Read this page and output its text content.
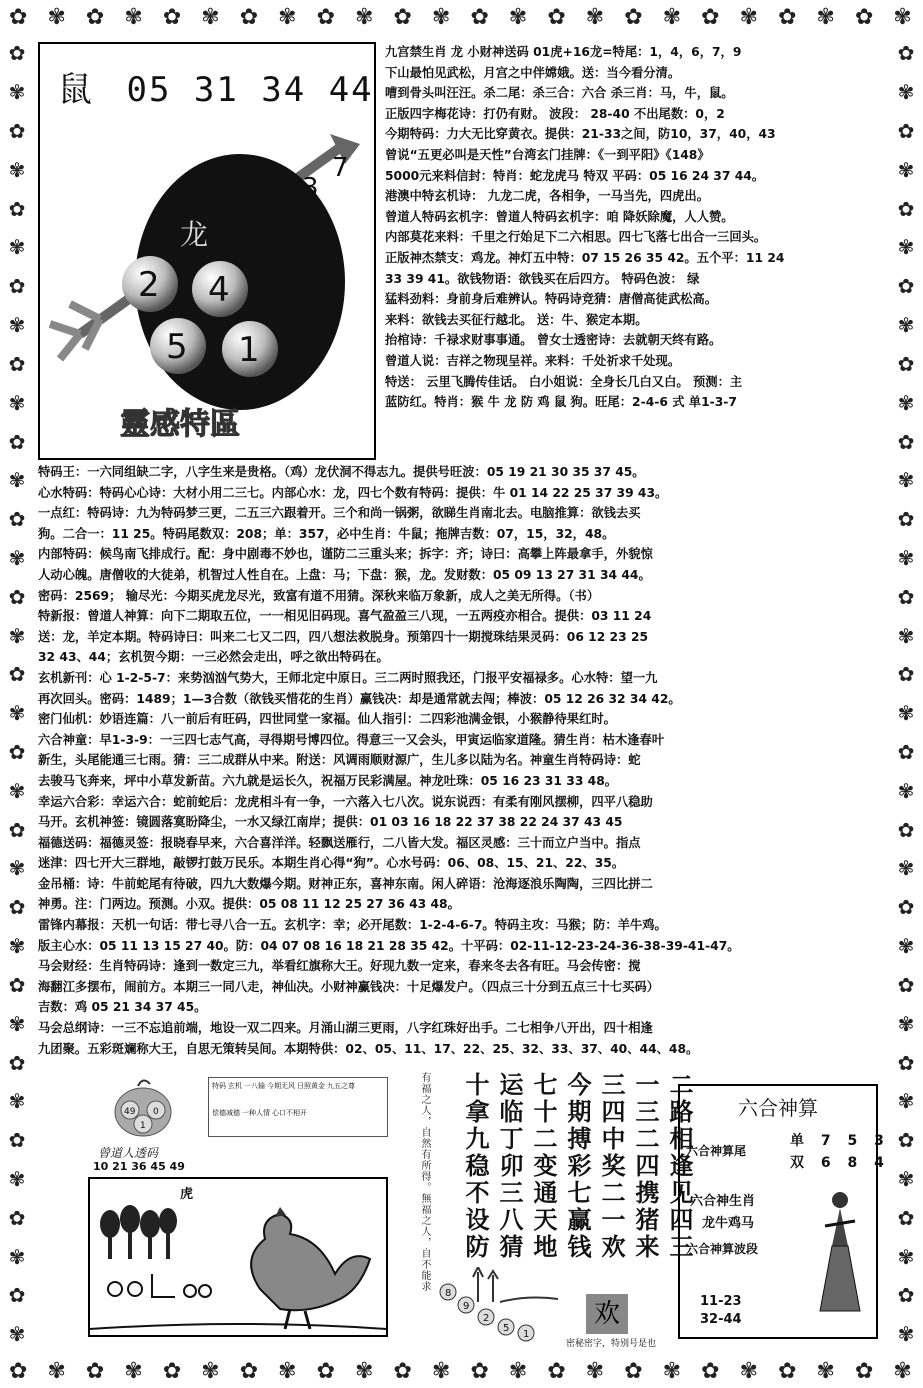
✿ ✾ ✿ ✾ ✿ ✾ ✿ ✾ ✿ ✾ ✿ ✾ ✿ ✾ ✿ ✾ ✿ ✾ ✿ ✾ ✿ ✾ ✿ ✾
✿ ✾ ✿ ✾ ✿ ✾ ✿ ✾ ✿ ✾ ✿ ✾ ✿ ✾ ✿ ✾ ✿ ✾ ✿ ✾ ✿ ✾ ✿ ✾
✿
✾
✿
✾
✿
✾
✿
✾
✿
✾
✿
✾
✿
✾
✿
✾
✿
✾
✿
✾
✿
✾
✿
✾
✿
✾
✿
✾
✿
✾
✿
✾
✿
✾
✿
✾
✿
✾
✿
✾
✿
✾
✿
✾
✿
✾
✿
✾
✿
✾
✿
✾
✿
✾
✿
✾
✿
✾
✿
✾
✿
✾
✿
✾
✿
✾
✿
✾
鼠 05 31 34 44
龙
2 4
5 1
3
7
靈感特區
九宫禁生肖 龙 小财神送码 01虎+16龙=特尾：1，4，6，7，9
下山最怕见武松，月宫之中伴嫦娥。送：当今看分清。
嘈到骨头叫汪汪。杀二尾：杀三合：六合 杀三肖：马，牛，鼠。
正版四字梅花诗：打仍有财。 波段： 28-40 不出尾数：0，2
今期特码：力大无比穿黄衣。提供：21-33之间，防10，37，40，43
曾说“五更必叫是天性”台湾玄门挂牌：《一到平阳》《148》
5000元来料信封：特肖：蛇龙虎马 特双 平码：05 16 24 37 44。
港澳中特玄机诗： 九龙二虎，各相争，一马当先，四虎出。
曾道人特码玄机字：曾道人特码玄机字：咱 降妖除魔，人人赞。
内部莫花来料：千里之行始足下二六相思。四七飞落七出合一三回头。
正版神杰禁支：鸡龙。神灯五中特：07 15 26 35 42。五个平：11 24
33 39 41。欲钱物语：欲钱买在后四方。 特码色波： 绿
猛料劲料：身前身后难辨认。特码诗竞猜：唐僧高徒武松高。
来料：欲钱去买征行越北。 送：牛、猴定本期。
抬棺诗：千禄求财事事通。 曾女士透密诗：去就朝天终有路。
曾道人说：吉祥之物现呈祥。来料：千处祈求千处现。
特送： 云里飞腾传佳话。 白小姐说：全身长几白又白。 预测：主
蓝防红。特肖：猴 牛 龙 防 鸡 鼠 狗。旺尾：2-4-6 式 单1-3-7
特码王：一六同组缺二字，八字生来是贵格。（鸡）龙伏洞不得志九。提供号旺波：05 19 21 30 35 37 45。
心水特码：特码心心诗：大材小用二三七。内部心水：龙，四七个数有特码：提供：牛 01 14 22 25 37 39 43。
一点红：特码诗：九为特码梦三更，二五三六跟着开。三个和尚一锅粥，欲睇生肖南北去。电脑推算：欲钱去买
狗。二合一：11 25。特码尾数双：208；单：357，必中生肖：牛鼠；拖牌吉数：07，15，32，48。
内部特码：候鸟南飞排成行。配：身中剧毒不妙也，谨防二三重头来；拆字：齐；诗曰：高攀上阵最拿手，外貌惊
人动心魄。唐僧收的大徒弟，机智过人性自在。上盘：马；下盘：猴，龙。发财数：05 09 13 27 31 34 44。
密码：2569； 输尽光：今期买虎龙尽光，致富有道不用猜。深秋来临万象新，成人之美无所得。（书）
特新报：曾道人神算：向下二期取五位，一一相见旧码现。喜气盈盈三八现，一五两疫亦相合。提供：03 11 24
送：龙，羊定本期。特码诗曰：叫来二七又二四，四八想法救脱身。预第四十一期搅珠结果灵码：06 12 23 25
32 43、44；玄机贺今期：一三必然会走出，呼之欲出特码在。
玄机新刊：心 1-2-5-7：来势汹汹气势大，王师北定中原日。三二两时照我还，门报平安福禄多。心水特：望一九
再次回头。密码：1489；1—3合数（欲钱买惜花的生肖）赢钱决：却是通常就去闯；棒波：05 12 26 32 34 42。
密门仙机：妙语连篇：八一前后有旺码，四世同堂一家福。仙人指引：二四彩池满金银，小猴静待果红时。
六合神童：早1-3-9：一三四七志气高，寻得期号博四位。得意三一又会头，甲寅运临家道隆。猜生肖：枯木逢春叶
新生，头尾能通三七雨。猜：三二成群从中来。附送：风调雨顺财源广，生儿多以陆为名。神童生肖特码诗：蛇
去骏马飞奔来，坪中小草发新苗。六九就是运长久，祝福万民彩满屋。神龙吐珠：05 16 23 31 33 48。
幸运六合彩：幸运六合：蛇前蛇后：龙虎相斗有一争，一六落入七八次。说东说西：有柔有刚风摆柳，四平八稳助
马开。玄机神签：镜圆落寞盼降尘，一水又绿江南岸；提供：01 03 16 18 22 37 38 22 24 37 43 45
福德送码：福德灵签：报晓春早来，六合喜洋洋。轻飘送雁行，二八皆大发。福区灵感：三十而立户当中。指点
迷津：四七开大三群地，敲锣打鼓万民乐。本期生肖心得“狗”。心水号码：06、08、15、21、22、35。
金吊桶：诗：牛前蛇尾有待破，四九大数爆今期。财神正东，喜神东南。闲人碎语：沧海逐浪乐陶陶，三四比拼二
神勇。注：门两边。预测。小双。提供：05 08 11 12 25 27 36 43 48。
雷锋内幕报：天机一句话：带七寻八合一五。玄机字：幸；必开尾数：1-2-4-6-7。特码主攻：马猴；防：羊牛鸡。
版主心水：05 11 13 15 27 40。防：04 07 08 16 18 21 28 35 42。十平码：02-11-12-23-24-36-38-39-41-47。
马会财经：生肖特码诗：逢到一数定三九，举看红旗称大王。好现九数一定来，春来冬去各有旺。马会传密：搅
海翻江多摆布，闹前方。本期三一同八走，神仙决。小财神赢钱决：十足爆发户。（四点三十分到五点三十七买码）
吉数：鸡 05 21 34 37 45。
马会总纲诗：一三不忘追前端，地设一双二四来。月涌山湖三更雨，八字红珠好出手。二七相争八开出，四十相逢
九团聚。五彩斑斓称大王，自思无策转吴间。本期特供：02、05、11、17、22、25、32、33、37、40、44、48。
49 0
1
曾道人透码
10 21 36 45 49
特码 玄机 一八输 今期无风 日照黄金 九五之尊
偿德减德 一种人情 心口不相开
虎	有福之人，自然有所得。無福之人，自不能求 十拿九稳不设防 运临丁卯三八猜 七十二变通天地 今期搏彩七赢钱 三四中奖二一欢 一三二四携猪来 二路相逢见四三
8
9
2
5
1
欢
密秘密字，特别号是也
六合神算
六合神算尾
单 7 5 3
双 6 8 4
六合神生肖
龙牛鸡马
六合神算波段
11-23
32-44
